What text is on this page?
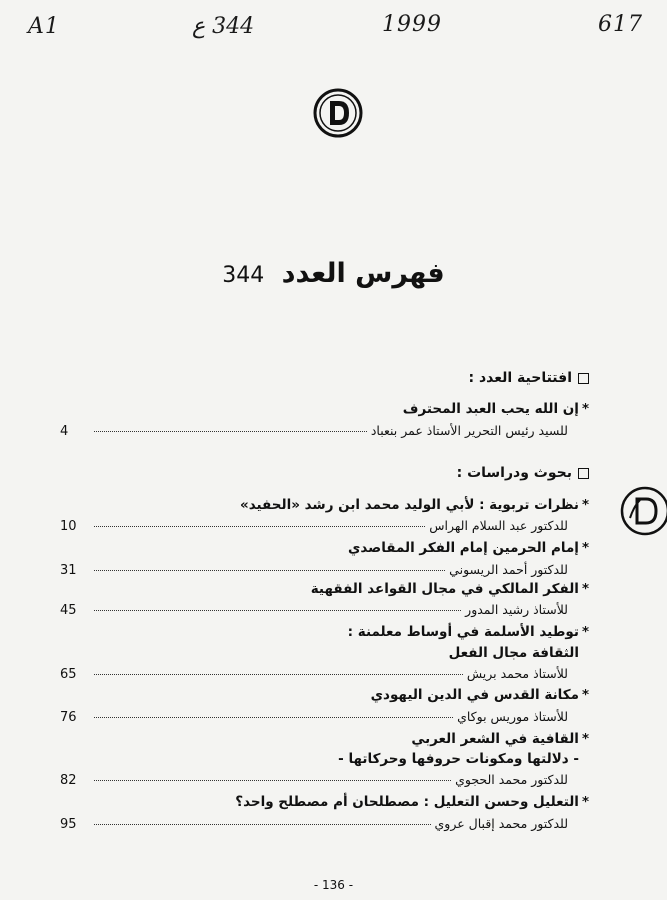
A1	344 ع	1999	617
فهرس العدد 344
افتتاحية العدد :
*إن الله يحب العبد المحترف
للسيد رئيس التحرير الأستاذ عمر بنعباد
4
بحوث ودراسات :
*نظرات تربوية : لأبي الوليد محمد ابن رشد «الحفيد»
للدكتور عبد السلام الهراس
10
*إمام الحرمين إمام الفكر المقاصدي
للدكتور أحمد الريسوني
31
*الفكر المالكي في مجال القواعد الفقهية
للأستاذ رشيد المدور
45
*توطيد الأسلمة في أوساط معلمنة :
الثقافة مجال الفعل
للأستاذ محمد بريش
65
*مكانة القدس في الدين اليهودي
للأستاذ موريس بوكاي
76
*القافية في الشعر العربي
- دلالتها ومكونات حروفها وحركاتها -
للدكتور محمد الحجوي
82
*التعليل وحسن التعليل : مصطلحان أم مصطلح واحد؟
للدكتور محمد إقبال عروي
95
- 136 -
